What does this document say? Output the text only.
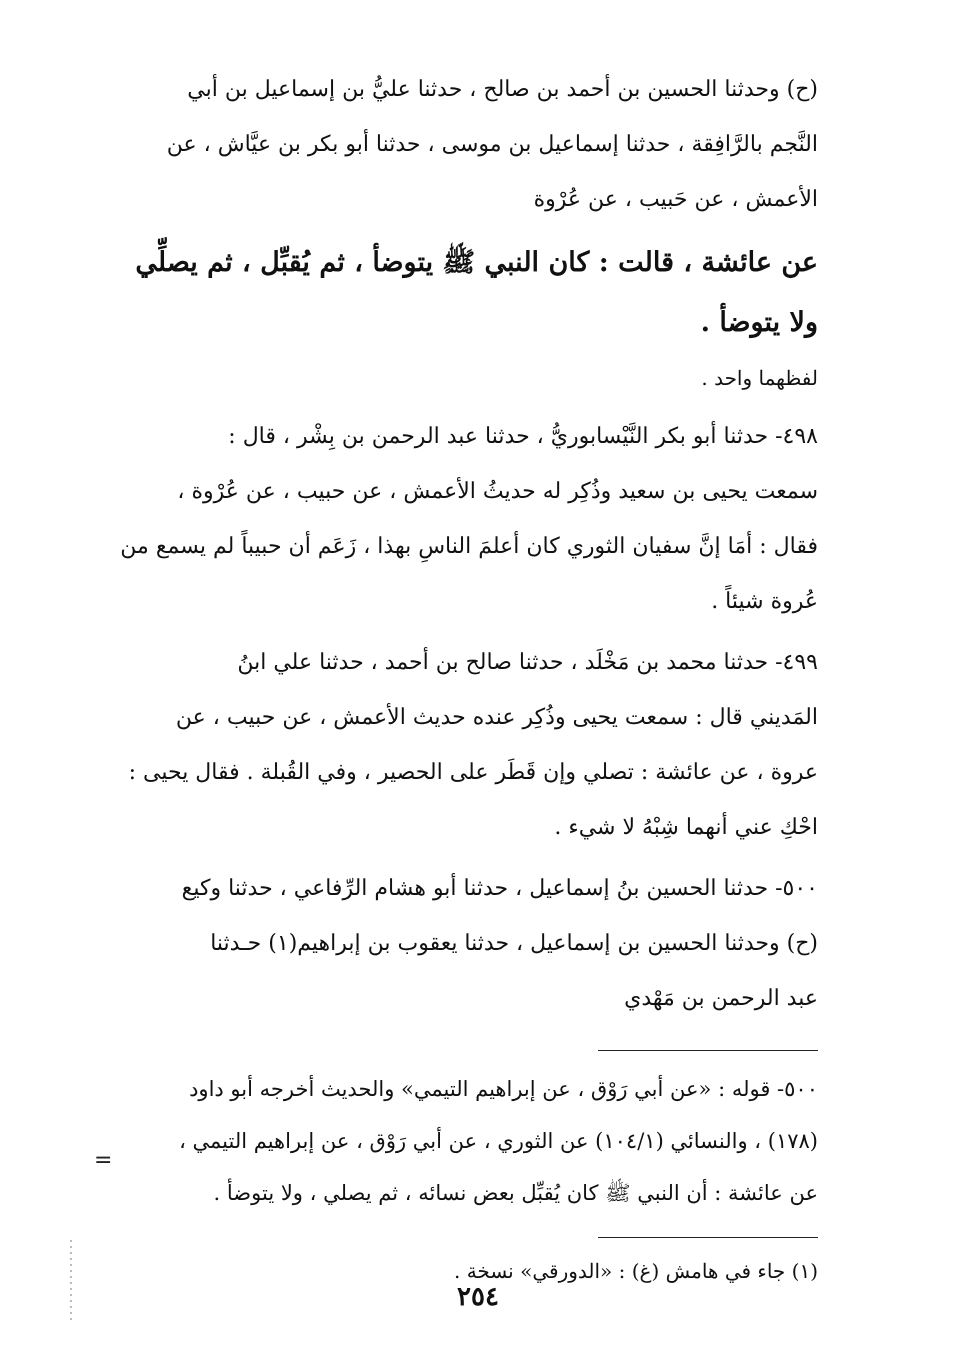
(ح) وحدثنا الحسين بن أحمد بن صالح ، حدثنا عليُّ بن إسماعيل بن أبي
النَّجم بالرَّافِقة ، حدثنا إسماعيل بن موسى ، حدثنا أبو بكر بن عيَّاش ، عن
الأعمش ، عن حَبيب ، عن عُرْوة
عن عائشة ، قالت : كان النبي ﷺ يتوضأ ، ثم يُقبِّل ، ثم يصلِّي
ولا يتوضأ .
لفظهما واحد .
٤٩٨- حدثنا أبو بكر النَّيْسابوريُّ ، حدثنا عبد الرحمن بن بِشْر ، قال :
سمعت يحيى بن سعيد وذُكِر له حديثُ الأعمش ، عن حبيب ، عن عُرْوة ،
فقال : أمَا إنَّ سفيان الثوري كان أعلمَ الناسِ بهذا ، زَعَم أن حبيباً لم يسمع من
عُروة شيئاً .
٤٩٩- حدثنا محمد بن مَخْلَد ، حدثنا صالح بن أحمد ، حدثنا علي ابنُ
المَديني قال : سمعت يحيى وذُكِر عنده حديث الأعمش ، عن حبيب ، عن
عروة ، عن عائشة : تصلي وإن قَطَر على الحصير ، وفي القُبلة . فقال يحيى :
احْكِ عني أنهما شِبْهُ لا شيء .
٥٠٠- حدثنا الحسين بنُ إسماعيل ، حدثنا أبو هشام الرِّفاعي ، حدثنا وكيع
(ح) وحدثنا الحسين بن إسماعيل ، حدثنا يعقوب بن إبراهيم(١) حـدثنا
عبد الرحمن بن مَهْدي
٥٠٠- قوله : «عن أبي رَوْق ، عن إبراهيم التيمي» والحديث أخرجه أبو داود
(١٧٨) ، والنسائي (١٠٤/١) عن الثوري ، عن أبي رَوْق ، عن إبراهيم التيمي ،
عن عائشة : أن النبي ﷺ كان يُقبِّل بعض نسائه ، ثم يصلي ، ولا يتوضأ .
(١) جاء في هامش (غ) : «الدورقي» نسخة .
=
٢٥٤
